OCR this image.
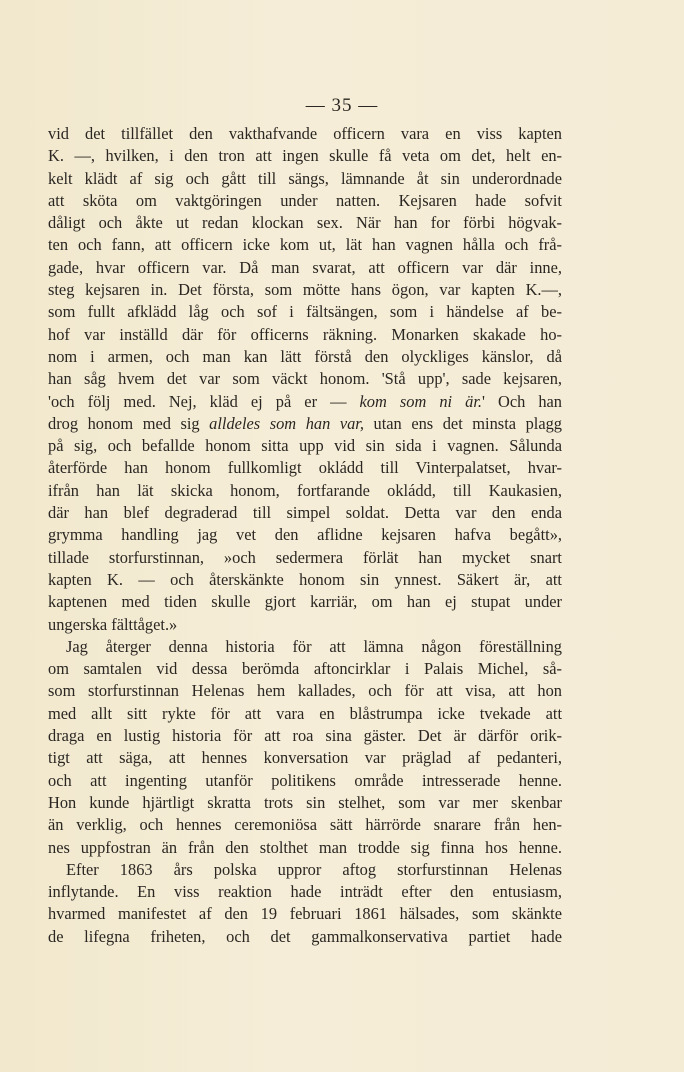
— 35 —
vid det tillfället den vakthafvande officern vara en viss kapten
K. —, hvilken, i den tron att ingen skulle få veta om det, helt en-
kelt klädt af sig och gått till sängs, lämnande åt sin underordnade
att sköta om vaktgöringen under natten. Kejsaren hade sofvit
dåligt och åkte ut redan klockan sex. När han for förbi högvak-
ten och fann, att officern icke kom ut, lät han vagnen hålla och frå-
gade, hvar officern var. Då man svarat, att officern var där inne,
steg kejsaren in. Det första, som mötte hans ögon, var kapten K.—,
som fullt afklädd låg och sof i fältsängen, som i händelse af be-
hof var inställd där för officerns räkning. Monarken skakade ho-
nom i armen, och man kan lätt förstå den olyckliges känslor, då
han såg hvem det var som väckt honom. 'Stå upp', sade kejsaren,
'och följ med. Nej, kläd ej på er — kom som ni är.' Och han
drog honom med sig alldeles som han var, utan ens det minsta plagg
på sig, och befallde honom sitta upp vid sin sida i vagnen. Sålunda
återförde han honom fullkomligt okládd till Vinterpalatset, hvar-
ifrån han lät skicka honom, fortfarande okládd, till Kaukasien,
där han blef degraderad till simpel soldat. Detta var den enda
grymma handling jag vet den aflidne kejsaren hafva begått»,
tillade storfurstinnan, »och sedermera förlät han mycket snart
kapten K. — och återskänkte honom sin ynnest. Säkert är, att
kaptenen med tiden skulle gjort karriär, om han ej stupat under
ungerska fälttåget.»
Jag återger denna historia för att lämna någon föreställning
om samtalen vid dessa berömda aftoncirklar i Palais Michel, så-
som storfurstinnan Helenas hem kallades, och för att visa, att hon
med allt sitt rykte för att vara en blåstrumpa icke tvekade att
draga en lustig historia för att roa sina gäster. Det är därför orik-
tigt att säga, att hennes konversation var präglad af pedanteri,
och att ingenting utanför politikens område intresserade henne.
Hon kunde hjärtligt skratta trots sin stelhet, som var mer skenbar
än verklig, och hennes ceremoniösa sätt härrörde snarare från hen-
nes uppfostran än från den stolthet man trodde sig finna hos henne.
Efter 1863 års polska uppror aftog storfurstinnan Helenas
inflytande. En viss reaktion hade inträdt efter den entusiasm,
hvarmed manifestet af den 19 februari 1861 hälsades, som skänkte
de lifegna friheten, och det gammalkonservativa partiet hade
